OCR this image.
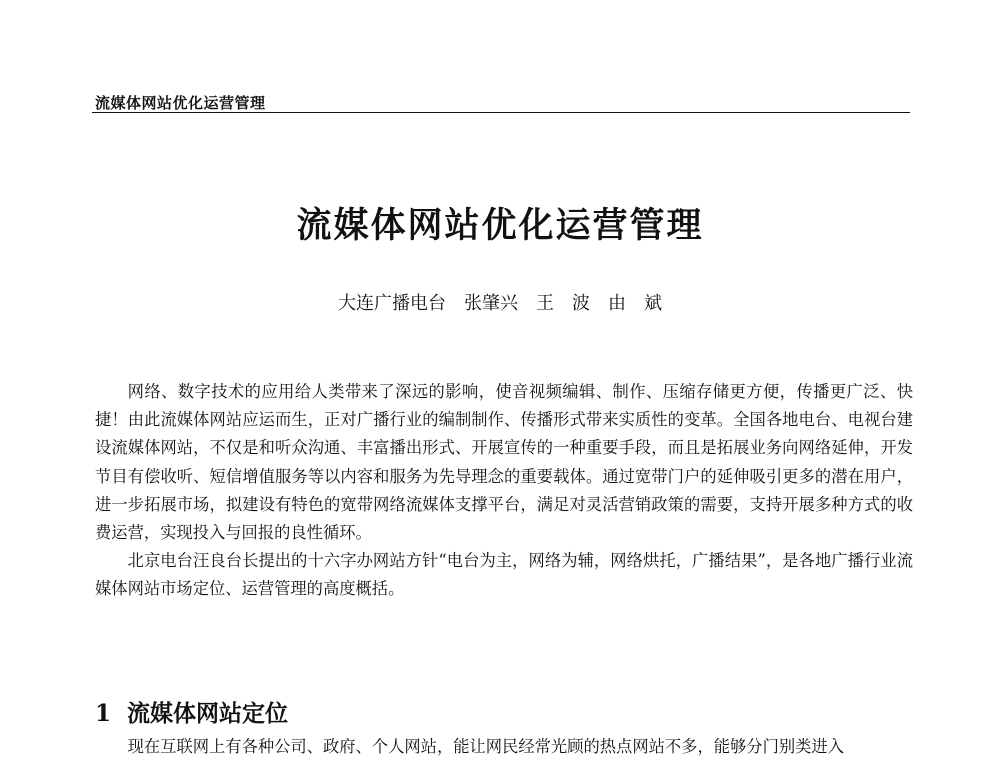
流媒体网站优化运营管理
流媒体网站优化运营管理
大连广播电台　张肇兴　王　波　由　斌

网络、数字技术的应用给人类带来了深远的影响，使音视频编辑、制作、压缩存储更方便，传播更广泛、快捷！由此流媒体网站应运而生，正对广播行业的编制制作、传播形式带来实质性的变革。全国各地电台、电视台建设流媒体网站，不仅是和听众沟通、丰富播出形式、开展宣传的一种重要手段，而且是拓展业务向网络延伸，开发节目有偿收听、短信增值服务等以内容和服务为先导理念的重要载体。通过宽带门户的延伸吸引更多的潜在用户，进一步拓展市场，拟建设有特色的宽带网络流媒体支撑平台，满足对灵活营销政策的需要，支持开展多种方式的收费运营，实现投入与回报的良性循环。

北京电台汪良台长提出的十六字办网站方针“电台为主，网络为辅，网络烘托，广播结果”，是各地广播行业流媒体网站市场定位、运营管理的高度概括。

1 流媒体网站定位
现在互联网上有各种公司、政府、个人网站，能让网民经常光顾的热点网站不多，能够分门别类进入
